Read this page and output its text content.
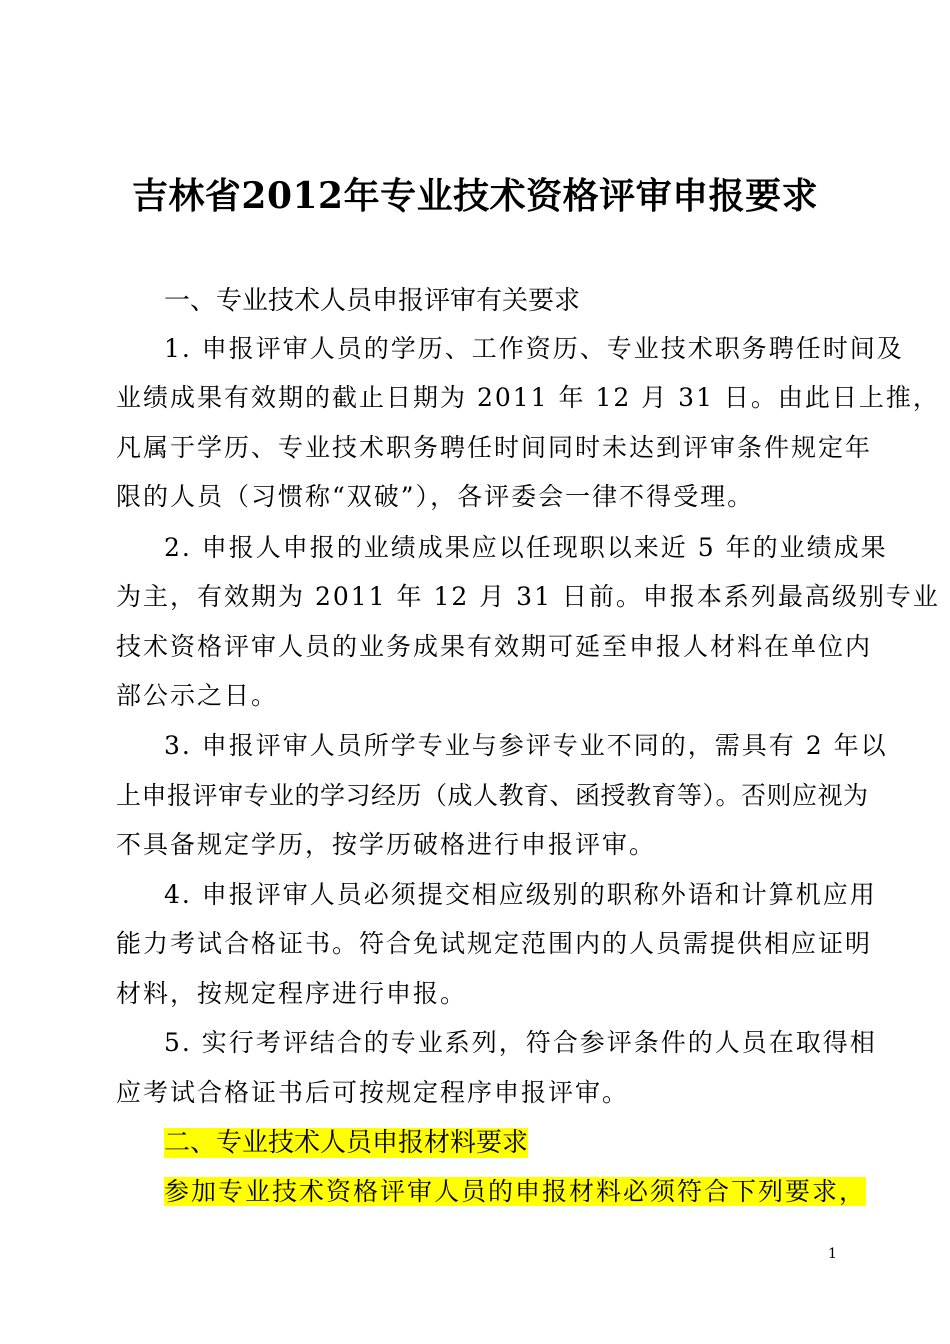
吉林省2012年专业技术资格评审申报要求
一、专业技术人员申报评审有关要求
1. 申报评审人员的学历、工作资历、专业技术职务聘任时间及
业绩成果有效期的截止日期为 2011 年 12 月 31 日。由此日上推，
凡属于学历、专业技术职务聘任时间同时未达到评审条件规定年
限的人员（习惯称“双破”），各评委会一律不得受理。
2. 申报人申报的业绩成果应以任现职以来近 5 年的业绩成果
为主，有效期为 2011 年 12 月 31 日前。申报本系列最高级别专业
技术资格评审人员的业务成果有效期可延至申报人材料在单位内
部公示之日。
3. 申报评审人员所学专业与参评专业不同的，需具有 2 年以
上申报评审专业的学习经历（成人教育、函授教育等）。否则应视为
不具备规定学历，按学历破格进行申报评审。
4. 申报评审人员必须提交相应级别的职称外语和计算机应用
能力考试合格证书。符合免试规定范围内的人员需提供相应证明
材料，按规定程序进行申报。
5. 实行考评结合的专业系列，符合参评条件的人员在取得相
应考试合格证书后可按规定程序申报评审。
二、专业技术人员申报材料要求
参加专业技术资格评审人员的申报材料必须符合下列要求，
1
